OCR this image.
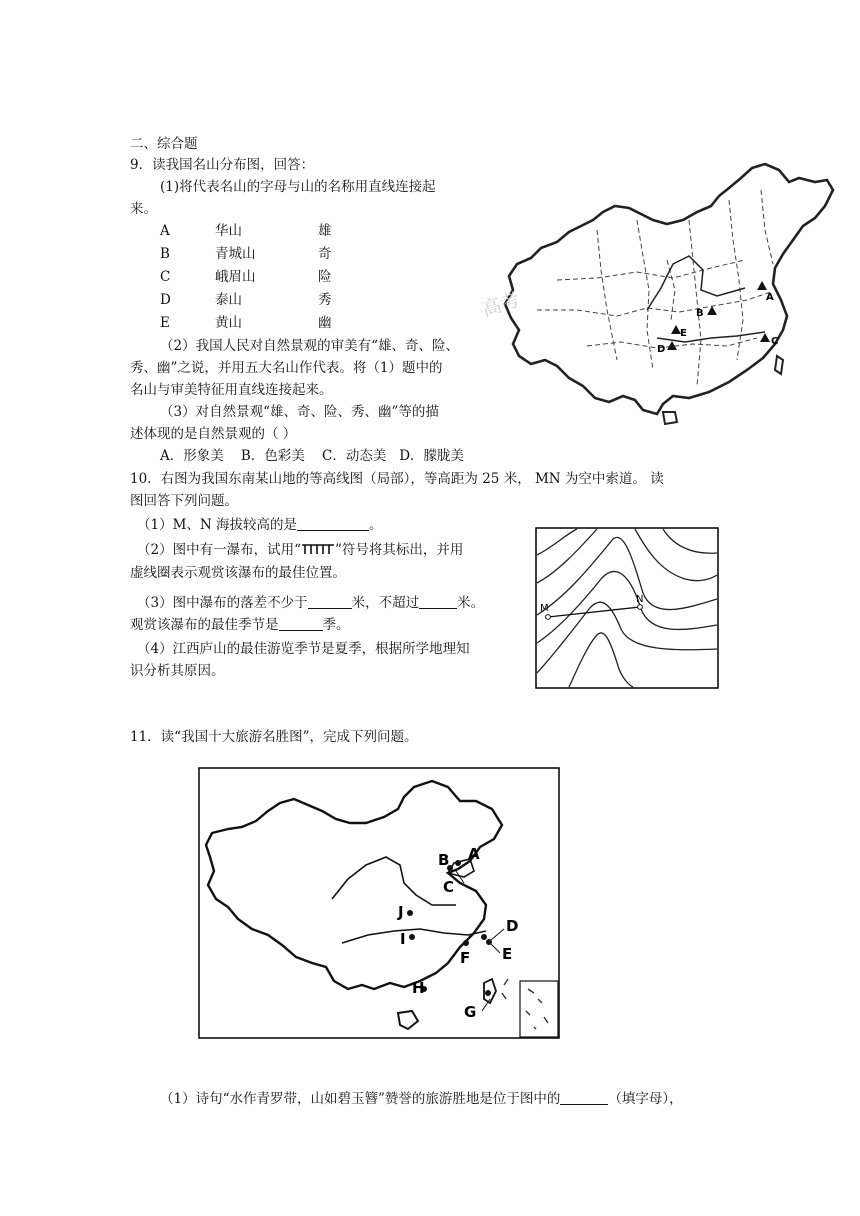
二、综合题
9．读我国名山分布图，回答：
(1)将代表名山的字母与山的名称用直线连接起
来。
A	华山	雄
B	青城山	奇
C	峨眉山	险
D	泰山	秀
E	黄山	幽
（2）我国人民对自然景观的审美有“雄、奇、险、
秀、幽”之说，并用五大名山作代表。将（1）题中的
名山与审美特征用直线连接起来。
（3）对自然景观“雄、奇、险、秀、幽”等的描
述体现的是自然景观的（ ）
A．形象美    B．色彩美    C．动态美   D．朦胧美
A
B
C
D
E
高考
10．右图为我国东南某山地的等高线图（局部），等高距为 25 米， MN 为空中索道。 读
图回答下列问题。
（1）M、N 海拔较高的是	。
（2）图中有一瀑布，试用“	”符号将其标出，并用
虚线圈表示观赏该瀑布的最佳位置。
（3）图中瀑布的落差不少于	米，不超过	米。
观赏该瀑布的最佳季节是	季。
（4）江西庐山的最佳游览季节是夏季，根据所学地理知
识分析其原因。
M
N
11．读“我国十大旅游名胜图”，完成下列问题。
A
B
C
D
E
F
G
H
I
J
（1）诗句“水作青罗带，山如碧玉簪”赞誉的旅游胜地是位于图中的	（填字母），
